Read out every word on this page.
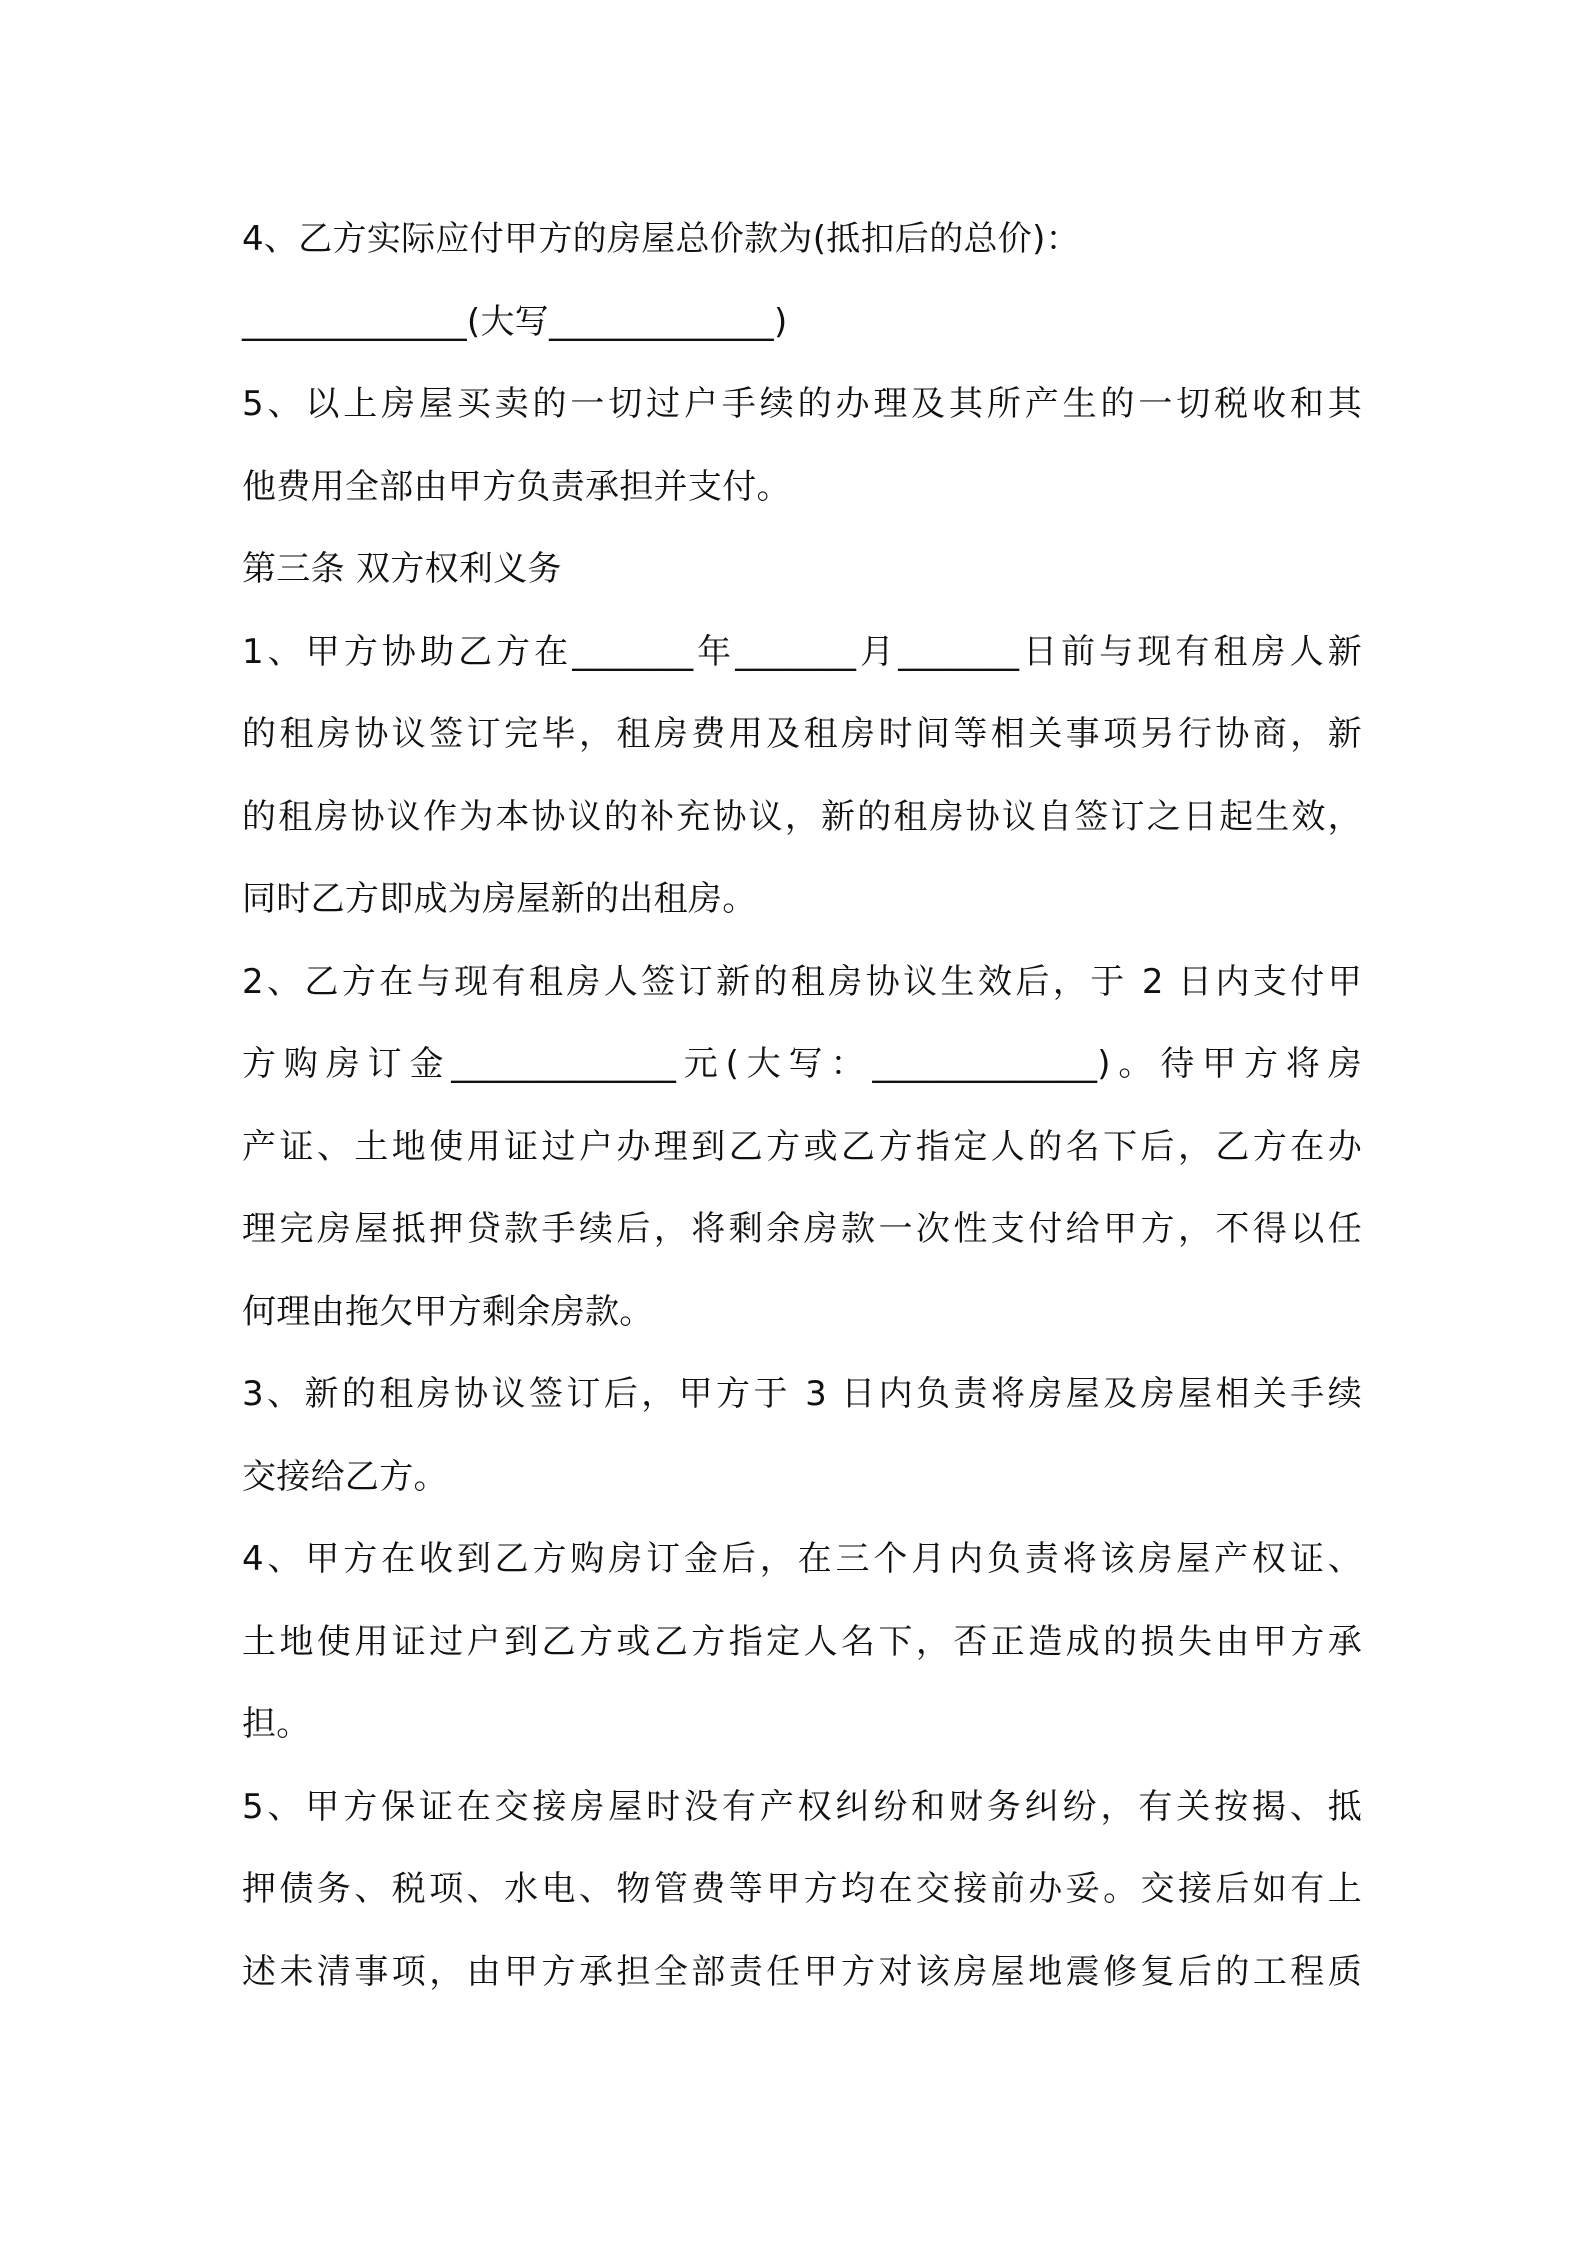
4、乙方实际应付甲方的房屋总价款为(抵扣后的总价)：
_____________(大写_____________)
5、以上房屋买卖的一切过户手续的办理及其所产生的一切税收和其
他费用全部由甲方负责承担并支付。
第三条 双方权利义务
1、甲方协助乙方在_______年_______月_______日前与现有租房人新
的租房协议签订完毕，租房费用及租房时间等相关事项另行协商，新
的租房协议作为本协议的补充协议，新的租房协议自签订之日起生效，
同时乙方即成为房屋新的出租房。
2、乙方在与现有租房人签订新的租房协议生效后，于 2 日内支付甲
方购房订金_____________元(大写：_____________)。待甲方将房
产证、土地使用证过户办理到乙方或乙方指定人的名下后，乙方在办
理完房屋抵押贷款手续后，将剩余房款一次性支付给甲方，不得以任
何理由拖欠甲方剩余房款。
3、新的租房协议签订后，甲方于 3 日内负责将房屋及房屋相关手续
交接给乙方。
4、甲方在收到乙方购房订金后，在三个月内负责将该房屋产权证、
土地使用证过户到乙方或乙方指定人名下，否正造成的损失由甲方承
担。
5、甲方保证在交接房屋时没有产权纠纷和财务纠纷，有关按揭、抵
押债务、税项、水电、物管费等甲方均在交接前办妥。交接后如有上
述未清事项，由甲方承担全部责任甲方对该房屋地震修复后的工程质
